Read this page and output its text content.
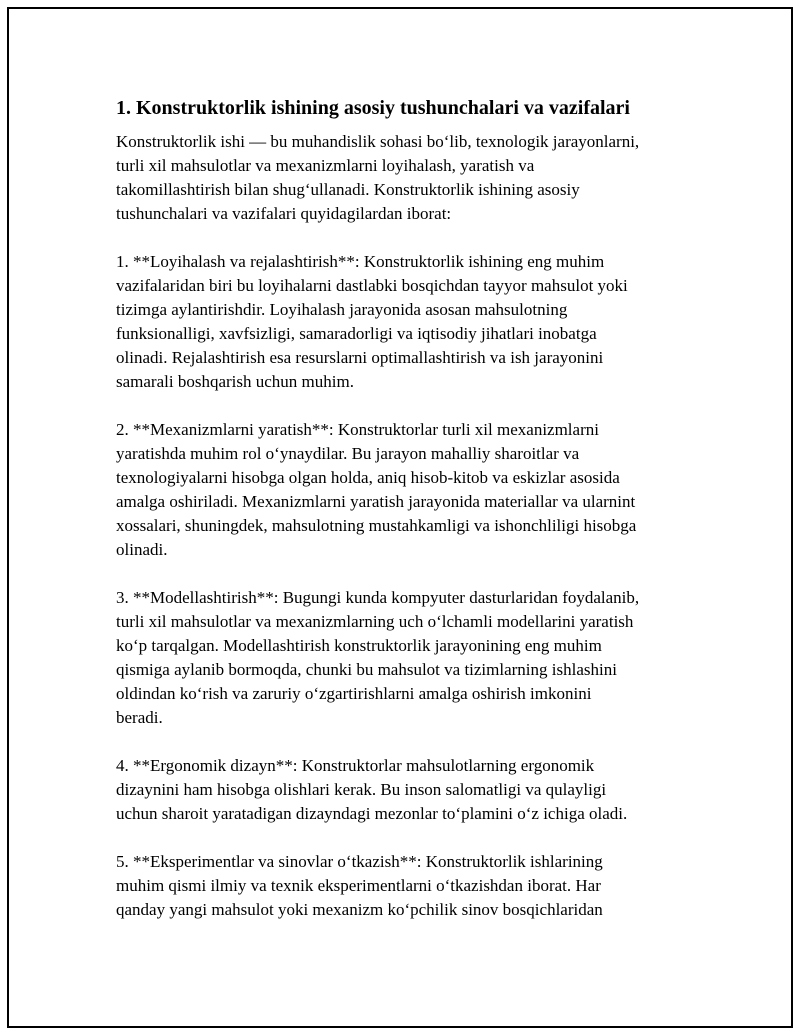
1. Konstruktorlik ishining asosiy tushunchalari va vazifalari

Konstruktorlik ishi — bu muhandislik sohasi bo‘lib, texnologik jarayonlarni,
turli xil mahsulotlar va mexanizmlarni loyihalash, yaratish va
takomillashtirish bilan shug‘ullanadi. Konstruktorlik ishining asosiy
tushunchalari va vazifalari quyidagilardan iborat:

1. **Loyihalash va rejalashtirish**: Konstruktorlik ishining eng muhim
vazifalaridan biri bu loyihalarni dastlabki bosqichdan tayyor mahsulot yoki
tizimga aylantirishdir. Loyihalash jarayonida asosan mahsulotning
funksionalligi, xavfsizligi, samaradorligi va iqtisodiy jihatlari inobatga
olinadi. Rejalashtirish esa resurslarni optimallashtirish va ish jarayonini
samarali boshqarish uchun muhim.

2. **Mexanizmlarni yaratish**: Konstruktorlar turli xil mexanizmlarni
yaratishda muhim rol o‘ynaydilar. Bu jarayon mahalliy sharoitlar va
texnologiyalarni hisobga olgan holda, aniq hisob-kitob va eskizlar asosida
amalga oshiriladi. Mexanizmlarni yaratish jarayonida materiallar va ularnint
xossalari, shuningdek, mahsulotning mustahkamligi va ishonchliligi hisobga
olinadi.

3. **Modellashtirish**: Bugungi kunda kompyuter dasturlaridan foydalanib,
turli xil mahsulotlar va mexanizmlarning uch o‘lchamli modellarini yaratish
ko‘p tarqalgan. Modellashtirish konstruktorlik jarayonining eng muhim
qismiga aylanib bormoqda, chunki bu mahsulot va tizimlarning ishlashini
oldindan ko‘rish va zaruriy o‘zgartirishlarni amalga oshirish imkonini
beradi.

4. **Ergonomik dizayn**: Konstruktorlar mahsulotlarning ergonomik
dizaynini ham hisobga olishlari kerak. Bu inson salomatligi va qulayligi
uchun sharoit yaratadigan dizayndagi mezonlar to‘plamini o‘z ichiga oladi.

5. **Eksperimentlar va sinovlar o‘tkazish**: Konstruktorlik ishlarining
muhim qismi ilmiy va texnik eksperimentlarni o‘tkazishdan iborat. Har
qanday yangi mahsulot yoki mexanizm ko‘pchilik sinov bosqichlaridan
